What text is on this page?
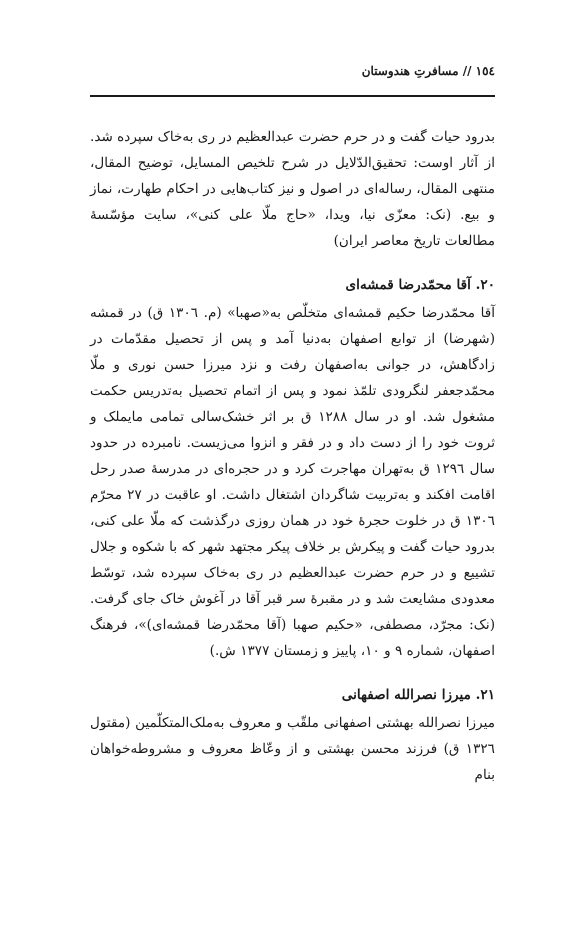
١٥٤ // مسافرتِ هندوستان

بدرود حیات گفت و در حرم حضرت عبدالعظیم در ری به‌خاک سپرده شد. از آثار اوست: تحقیق‌الدّلایل در شرح تلخیص المسایل، توضیح المقال، منتهی المقال، رساله‌ای در اصول و نیز کتاب‌هایی در احکام طهارت، نماز و بیع. (نک: معزّی نیا، ویدا، «حاج ملّا علی کنی»، سایت مؤسّسهٔ مطالعات تاریخ معاصر ایران)

۲۰. آقا محمّدرضا قمشه‌ای

آقا محمّدرضا حکیم قمشه‌ای متخلّص به«صهبا» (م. ١٣٠٦ ق) در قمشه (شهرضا) از توابع اصفهان به‌دنیا آمد و پس از تحصیل مقدّمات در زادگاهش، در جوانی به‌اصفهان رفت و نزد میرزا حسن نوری و ملّا محمّدجعفر لنگرودی تلمّذ نمود و پس از اتمام تحصیل به‌تدریس حکمت مشغول شد. او در سال ١٢٨٨ ق بر اثر خشک‌سالی تمامی مایملک و ثروت خود را از دست داد و در فقر و انزوا می‌زیست. نامبرده در حدود سال ١٢٩٦ ق به‌تهران مهاجرت کرد و در حجره‌ای در مدرسهٔ صدر رحل اقامت افکند و به‌تربیت شاگردان اشتغال داشت. او عاقبت در ٢٧ محرّم ١٣٠٦ ق در خلوت حجرهٔ خود در همان روزی درگذشت که ملّا علی کنی، بدرود حیات گفت و پیکرش بر خلاف پیکر مجتهد شهر که با شکوه و جلال تشییع و در حرم حضرت عبدالعظیم در ری به‌خاک سپرده شد، توسّط معدودی مشایعت شد و در مقبرهٔ سر قبر آقا در آغوش خاک جای گرفت. (نک: مجرّد، مصطفی، «حکیم صهبا (آقا محمّدرضا قمشه‌ای)»، فرهنگ اصفهان، شماره ٩ و ١٠، پاییز و زمستان ١٣٧٧ ش.)

۲۱. میرزا نصرالله اصفهانی

میرزا نصرالله بهشتی اصفهانی ملقّب و معروف به‌ملک‌المتکلّمین (مقتول ١٣٢٦ ق) فرزند محسن بهشتی و از وعّاظ معروف و مشروطه‌خواهان بنام
